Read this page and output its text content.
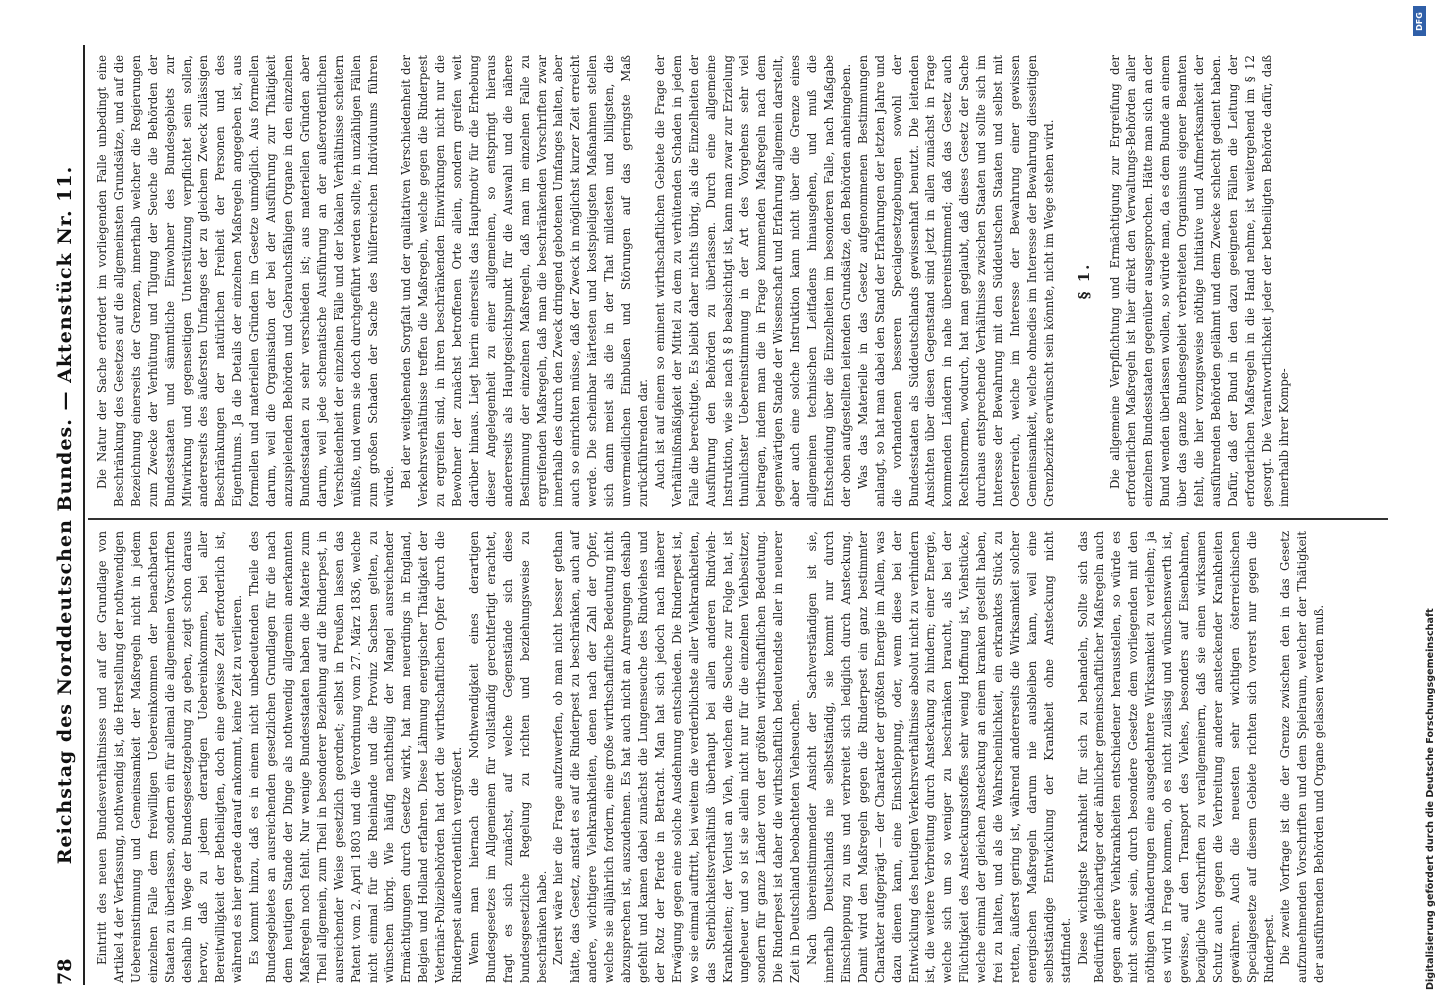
78
Reichstag des Norddeutschen Bundes. — Aktenstück Nr. 11. Eintritt des neuen Bundesverhältnisses und auf der Grundlage von Artikel 4 der Verfassung, nothwendig ist, die Herstellung der nothwendigen Uebereinstimmung und Gemeinsamkeit der Maßregeln nicht in jedem einzelnen Falle dem freiwilligen Uebereinkommen der benachbarten Staaten zu überlassen, sondern ein für allemal die allgemeinen Vorschriften deshalb im Wege der Bundesgesetzgebung zu geben, zeigt schon daraus hervor, daß zu jedem derartigen Uebereinkommen, bei aller Bereitwilligkeit der Betheiligten, doch eine gewisse Zeit erforderlich ist, während es hier gerade darauf ankommt, keine Zeit zu verlieren. Es kommt hinzu, daß es in einem nicht unbedeutenden Theile des Bundesgebietes an ausreichenden gesetzlichen Grundlagen für die nach dem heutigen Stande der Dinge als nothwendig allgemein anerkannten Maßregeln noch fehlt. Nur wenige Bundesstaaten haben die Materie zum Theil allgemein, zum Theil in besonderer Beziehung auf die Rinderpest, in ausreichender Weise gesetzlich geordnet; selbst in Preußen lassen das Patent vom 2. April 1803 und die Verordnung vom 27. März 1836, welche nicht einmal für die Rheinlande und die Provinz Sachsen gelten, zu wünschen übrig. Wie häufig nachtheilig der Mangel ausreichender Ermächtigungen durch Gesetze wirkt, hat man neuerdings in England, Belgien und Holland erfahren. Diese Lähmung energischer Thätigkeit der Veterinär-Polizeibehörden hat dort die wirthschaftlichen Opfer durch die Rinderpest außerordentlich vergrößert. Wenn man hiernach die Nothwendigkeit eines derartigen Bundesgesetzes im Allgemeinen für vollständig gerechtfertigt erachtet, fragt es sich zunächst, auf welche Gegenstände sich diese bundesgesetzliche Regelung zu richten und beziehungsweise zu beschränken habe. Zuerst wäre hier die Frage aufzuwerfen, ob man nicht besser gethan hätte, das Gesetz, anstatt es auf die Rinderpest zu beschränken, auch auf andere, wichtigere Viehkrankheiten, denen nach der Zahl der Opfer, welche sie alljährlich fordern, eine große wirthschaftliche Bedeutung nicht abzusprechen ist, auszudehnen. Es hat auch nicht an Anregungen deshalb gefehlt und kamen dabei zunächst die Lungenseuche des Rindviehes und der Rotz der Pferde in Betracht. Man hat sich jedoch nach näherer Erwägung gegen eine solche Ausdehnung entschieden. Die Rinderpest ist, wo sie einmal auftritt, bei weitem die verderblichste aller Viehkrankheiten, das Sterblichkeitsverhältniß überhaupt bei allen anderen Rindvieh-Krankheiten; der Verlust an Vieh, welchen die Seuche zur Folge hat, ist ungeheuer und so ist sie allein nicht nur für die einzelnen Viehbesitzer, sondern für ganze Länder von der größten wirthschaftlichen Bedeutung. Die Rinderpest ist daher die wirthschaftlich bedeutendste aller in neuerer Zeit in Deutschland beobachteten Viehseuchen. Nach übereinstimmender Ansicht der Sachverständigen ist sie, innerhalb Deutschlands nie selbstständig, sie kommt nur durch Einschleppung zu uns und verbreitet sich lediglich durch Ansteckung. Damit wird den Maßregeln gegen die Rinderpest ein ganz bestimmter Charakter aufgeprägt — der Charakter der größten Energie im Allem, was dazu dienen kann, eine Einschleppung, oder, wenn diese bei der Entwicklung des heutigen Verkehrsverhältnisse absolut nicht zu verhindern ist, die weitere Verbreitung durch Ansteckung zu hindern; einer Energie, welche sich um so weniger zu beschränken braucht, als bei der Flüchtigkeit des Ansteckungsstoffes sehr wenig Hoffnung ist, Viehstücke, welche einmal der gleichen Ansteckung an einem kranken gestellt haben, frei zu halten, und als die Wahrscheinlichkeit, ein erkranktes Stück zu retten, äußerst gering ist, während andererseits die Wirksamkeit solcher energischen Maßregeln darum nie ausbleiben kann, weil eine selbstständige Entwicklung der Krankheit ohne Ansteckung nicht stattfindet. Diese wichtigste Krankheit für sich zu behandeln, Sollte sich das Bedürfniß gleichartiger oder ähnlicher gemeinschaftlicher Maßregeln auch gegen andere Viehkrankheiten entschiedener herausstellen, so würde es nicht schwer sein, durch besondere Gesetze dem vorliegenden mit den nöthigen Abänderungen eine ausgedehntere Wirksamkeit zu verleihen; ja es wird in Frage kommen, ob es nicht zulässig und wünschenswerth ist, gewisse, auf den Transport des Viehes, besonders auf Eisenbahnen, bezügliche Vorschriften zu verallgemeinern, daß sie einen wirksamen Schutz auch gegen die Verbreitung anderer ansteckender Krankheiten gewähren. Auch die neuesten sehr wichtigen österreichischen Specialgesetze auf diesem Gebiete richten sich vorerst nur gegen die Rinderpest. Die zweite Vorfrage ist die der Grenze zwischen den in das Gesetz aufzunehmenden Vorschriften und dem Spielraum, welcher der Thätigkeit der ausführenden Behörden und Organe gelassen werden muß.

Die Natur der Sache erfordert im vorliegenden Falle unbedingt eine Beschränkung des Gesetzes auf die allgemeinsten Grundsätze, und auf die Bezeichnung einerseits der Grenzen, innerhalb welcher die Regierungen zum Zwecke der Verhütung und Tilgung der Seuche die Behörden der Bundesstaaten und sämmtliche Einwohner des Bundesgebiets zur Mitwirkung und gegenseitigen Unterstützung verpflichtet sein sollen, andererseits des äußersten Umfanges der zu gleichem Zweck zulässigen Beschränkungen der natürlichen Freiheit der Personen und des Eigenthums. Ja die Details der einzelnen Maßregeln angegeben ist, aus formellen und materiellen Gründen im Gesetze unmöglich. Aus formellen darum, weil die Organisation der bei der Ausführung zur Thätigkeit anzuspielenden Behörden und Gebrauchsfähigen Organe in den einzelnen Bundesstaaten zu sehr verschieden ist; aus materiellen Gründen aber darum, weil jede schematische Ausführung an der außerordentlichen Verschiedenheit der einzelnen Fälle und der lokalen Verhältnisse scheitern müßte, und wenn sie doch durchgeführt werden sollte, in unzähligen Fällen zum großen Schaden der Sache des hülferreichen Individuums führen würde. Bei der weitgehenden Sorgfalt und der qualitativen Verschiedenheit der Verkehrsverhältnisse treffen die Maßregeln, welche gegen die Rinderpest zu ergreifen sind, in ihren beschränkenden Einwirkungen nicht nur die Bewohner der zunächst betroffenen Orte allein, sondern greifen weit darüber hinaus. Liegt hierin einerseits das Hauptmotiv für die Erhebung dieser Angelegenheit zu einer allgemeinen, so entspringt hieraus andererseits als Hauptgesichtspunkt für die Auswahl und die nähere Bestimmung der einzelnen Maßregeln, daß man im einzelnen Falle zu ergreifenden Maßregeln, daß man die beschränkenden Vorschriften zwar innerhalb des durch den Zweck dringend gebotenen Umfanges halten, aber auch so einrichten müsse, daß der Zweck in möglichst kurzer Zeit erreicht werde. Die scheinbar härtesten und kostspieligsten Maßnahmen stellen sich dann meist als die in der That mildesten und billigsten, die unvermeidlichen Einbußen und Störungen auf das geringste Maß zurückführenden dar. Auch ist auf einem so eminent wirthschaftlichen Gebiete die Frage der Verhältnißmäßigkeit der Mittel zu dem zu verhütenden Schaden in jedem Falle die berechtigte. Es bleibt daher nichts übrig, als die Einzelheiten der Ausführung den Behörden zu überlassen. Durch eine allgemeine Instruktion, wie sie nach § 8 beabsichtigt ist, kann man zwar zur Erzielung thunlichster Uebereinstimmung in der Art des Vorgehens sehr viel beitragen, indem man die in Frage kommenden Maßregeln nach dem gegenwärtigen Stande der Wissenschaft und Erfahrung allgemein darstellt, aber auch eine solche Instruktion kann nicht über die Grenze eines allgemeinen technischen Leitfadens hinausgehen, und muß die Entscheidung über die Einzelheiten im besonderen Falle, nach Maßgabe der oben aufgestellten leitenden Grundsätze, den Behörden anheimgeben. Was das Materielle in das Gesetz aufgenommenen Bestimmungen anlangt, so hat man dabei den Stand der Erfahrungen der letzten Jahre und die vorhandenen besseren Specialgesetzgebungen sowohl der Bundesstaaten als Süddeutschlands gewissenhaft benutzt. Die leitenden Ansichten über diesen Gegenstand sind jetzt in allen zunächst in Frage kommenden Ländern in nahe übereinstimmend; daß das Gesetz auch Rechtsnormen, wodurch, hat man geglaubt, daß dieses Gesetz der Sache durchaus entsprechende Verhältnisse zwischen Staaten und sollte sich im Interesse der Bewahrung mit den Süddeutschen Staaten und selbst mit Oesterreich, welche im Interesse der Bewahrung einer gewissen Gemeinsamkeit, welche ohnedies im Interesse der Bewahrung diesseitigen Grenzbezirke erwünscht sein könnte, nicht im Wege stehen wird. § 1. Die allgemeine Verpflichtung und Ermächtigung zur Ergreifung der erforderlichen Maßregeln ist hier direkt den Verwaltungs-Behörden aller einzelnen Bundesstaaten gegenüber ausgesprochen. Hätte man sich an der Bund wenden überlassen wollen, so würde man, da es dem Bunde an einem über das ganze Bundesgebiet verbreiteten Organismus eigener Beamten fehlt, die hier vorzugsweise nöthige Initiative und Aufmerksamkeit der ausführenden Behörden gelähmt und dem Zwecke schlecht gedient haben. Dafür, daß der Bund in den dazu geeigneten Fällen die Leitung der erforderlichen Maßregeln in die Hand nehme, ist weitergehend im § 12 gesorgt. Die Verantwortlichkeit jeder der betheiligten Behörde dafür, daß innerhalb ihrer Kompe-

DFG
Digitalisierung gefördert durch die Deutsche Forschungsgemeinschaft
